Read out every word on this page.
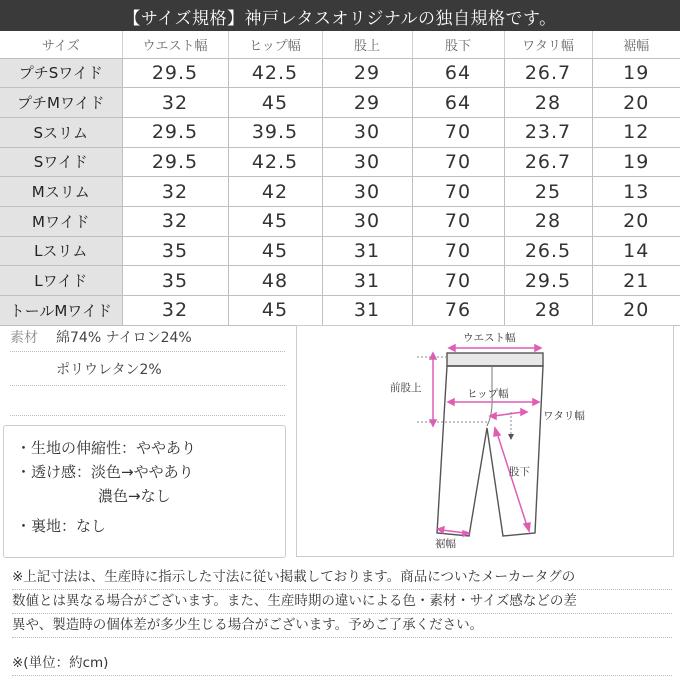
【サイズ規格】神戸レタスオリジナルの独自規格です。
サイズ	ウエスト幅	ヒップ幅	股上	股下	ワタリ幅	裾幅
プチSワイド	29.5	42.5	29	64	26.7	19
プチMワイド	32	45	29	64	28	20
Sスリム	29.5	39.5	30	70	23.7	12
Sワイド	29.5	42.5	30	70	26.7	19
Mスリム	32	42	30	70	25	13
Mワイド	32	45	30	70	28	20
Lスリム	35	45	31	70	26.5	14
Lワイド	35	48	31	70	29.5	21
トールMワイド	32	45	31	76	28	20
素材	綿74% ナイロン24%
ポリウレタン2%
・生地の伸縮性：ややあり
・透け感：淡色→ややあり
濃色→なし
・裏地：なし
ウエスト幅
前股上	ヒップ幅
ワタリ幅
股下
裾幅
※上記寸法は、生産時に指示した寸法に従い掲載しております。商品についたメーカータグの
数値とは異なる場合がございます。また、生産時期の違いによる色・素材・サイズ感などの差
異や、製造時の個体差が多少生じる場合がございます。予めご了承ください。
※(単位：約cm)
